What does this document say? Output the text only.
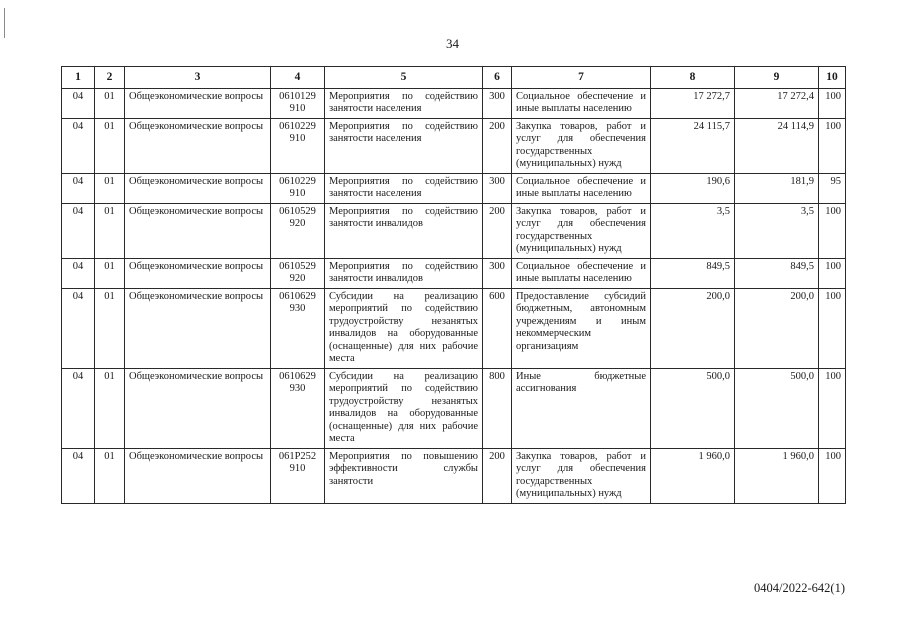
34
1	2	3	4	5	6	7	8	9	10
04	01	Общеэкономические вопросы	0610129 910	Мероприятия по содействию занятости населения	300	Социальное обеспечение и иные выплаты населению	17 272,7	17 272,4	100
04	01	Общеэкономические вопросы	0610229 910	Мероприятия по содействию занятости населения	200	Закупка товаров, работ и услуг для обеспечения государственных (муниципальных) нужд	24 115,7	24 114,9	100
04	01	Общеэкономические вопросы	0610229 910	Мероприятия по содействию занятости населения	300	Социальное обеспечение и иные выплаты населению	190,6	181,9	95
04	01	Общеэкономические вопросы	0610529 920	Мероприятия по содействию занятости инвалидов	200	Закупка товаров, работ и услуг для обеспечения государственных (муниципальных) нужд	3,5	3,5	100
04	01	Общеэкономические вопросы	0610529 920	Мероприятия по содействию занятости инвалидов	300	Социальное обеспечение и иные выплаты населению	849,5	849,5	100
04	01	Общеэкономические вопросы	0610629 930	Субсидии на реализацию мероприятий по содействию трудоустройству незанятых инвалидов на оборудованные (оснащенные) для них рабочие места	600	Предоставление субсидий бюджетным, автономным учреждениям и иным некоммерческим организациям	200,0	200,0	100
04	01	Общеэкономические вопросы	0610629 930	Субсидии на реализацию мероприятий по содействию трудоустройству незанятых инвалидов на оборудованные (оснащенные) для них рабочие места	800	Иные бюджетные ассигнования	500,0	500,0	100
04	01	Общеэкономические вопросы	061Р252 910	Мероприятия по повышению эффективности службы занятости	200	Закупка товаров, работ и услуг для обеспечения государственных (муниципальных) нужд	1 960,0	1 960,0	100
0404/2022-642(1)
